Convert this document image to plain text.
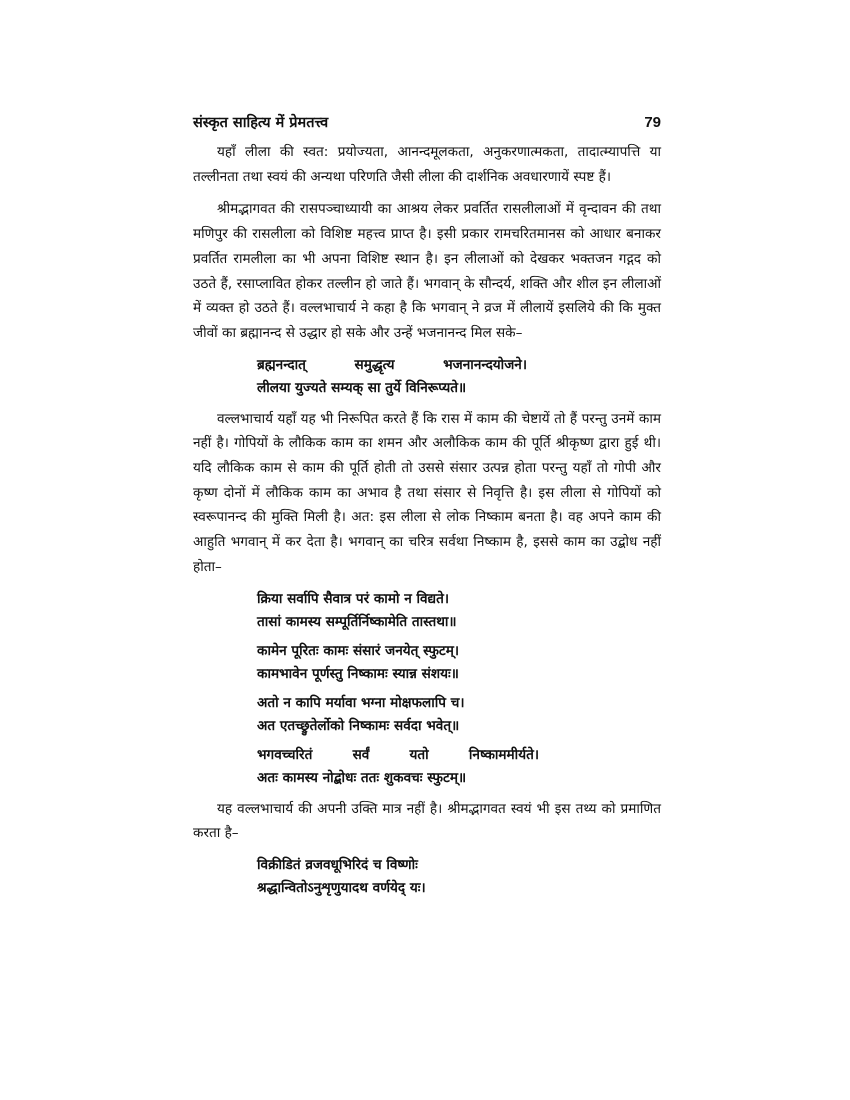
संस्कृत साहित्य में प्रेमतत्त्व	79

यहाँ लीला की स्वत: प्रयोज्यता, आनन्दमूलकता, अनुकरणात्मकता, तादात्म्यापत्ति या तल्लीनता तथा स्वयं की अन्यथा परिणति जैसी लीला की दार्शनिक अवधारणायें स्पष्ट हैं।

श्रीमद्भागवत की रासपञ्चाध्यायी का आश्रय लेकर प्रवर्तित रासलीलाओं में वृन्दावन की तथा मणिपुर की रासलीला को विशिष्ट महत्त्व प्राप्त है। इसी प्रकार रामचरितमानस को आधार बनाकर प्रवर्तित रामलीला का भी अपना विशिष्ट स्थान है। इन लीलाओं को देखकर भक्तजन गद्गद को उठते हैं, रसाप्लावित होकर तल्लीन हो जाते हैं। भगवान् के सौन्दर्य, शक्ति और शील इन लीलाओं में व्यक्त हो उठते हैं। वल्लभाचार्य ने कहा है कि भगवान् ने व्रज में लीलायें इसलिये की कि मुक्त जीवों का ब्रह्मानन्द से उद्धार हो सके और उन्हें भजनानन्द मिल सके–

ब्रह्मनन्दात्	समुद्धृत्य	भजनानन्दयोजने।
लीलया युज्यते सम्यक् सा तुर्ये विनिरूप्यते॥

वल्लभाचार्य यहाँ यह भी निरूपित करते हैं कि रास में काम की चेष्टायें तो हैं परन्तु उनमें काम नहीं है। गोपियों के लौकिक काम का शमन और अलौकिक काम की पूर्ति श्रीकृष्ण द्वारा हुई थी। यदि लौकिक काम से काम की पूर्ति होती तो उससे संसार उत्पन्न होता परन्तु यहाँ तो गोपी और कृष्ण दोनों में लौकिक काम का अभाव है तथा संसार से निवृत्ति है। इस लीला से गोपियों को स्वरूपानन्द की मुक्ति मिली है। अत: इस लीला से लोक निष्काम बनता है। वह अपने काम की आहुति भगवान् में कर देता है। भगवान् का चरित्र सर्वथा निष्काम है, इससे काम का उद्बोध नहीं होता–

क्रिया सर्वापि सैवात्र परं कामो न विद्यते।
तासां कामस्य सम्पूर्तिर्निष्कामेति तास्तथा॥
कामेन पूरितः कामः संसारं जनयेत् स्फुटम्।
कामभावेन पूर्णस्तु निष्कामः स्यान्न संशयः॥
अतो न कापि मर्यावा भग्ना मोक्षफलापि च।
अत एतच्छ्रुतेर्लोको निष्कामः सर्वदा भवेत्॥
भगवच्चरितं	सर्वं	यतो	निष्काममीर्यते।
अतः कामस्य नोद्बोधः ततः शुकवचः स्फुटम्॥

यह वल्लभाचार्य की अपनी उक्ति मात्र नहीं है। श्रीमद्भागवत स्वयं भी इस तथ्य को प्रमाणित करता है–

विक्रीडितं व्रजवधूभिरिदं च विष्णोः
श्रद्धान्वितोऽनुशृणुयादथ वर्णयेद् यः।
